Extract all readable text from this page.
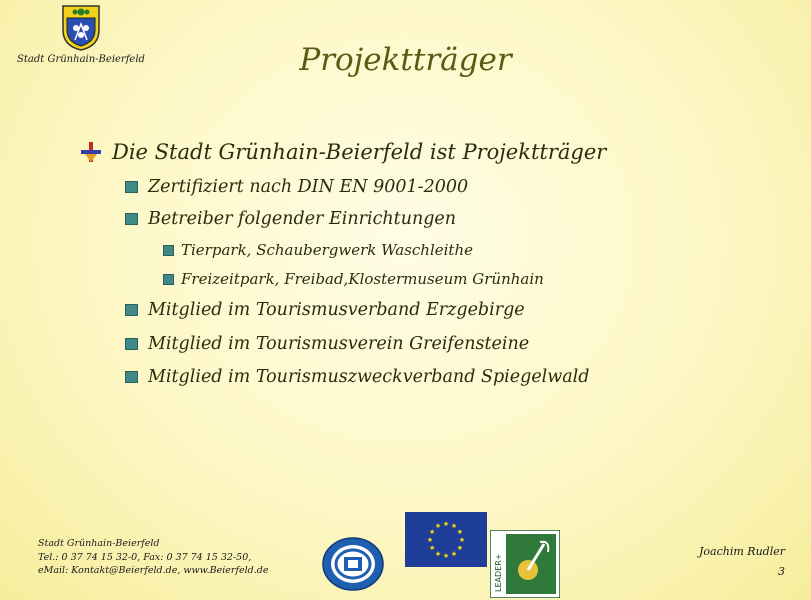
Stadt Grünhain-Beierfeld	Projektträger
Die Stadt Grünhain-Beierfeld ist Projektträger
Zertifiziert nach DIN EN 9001-2000
Betreiber folgender Einrichtungen
Tierpark, Schaubergwerk Waschleithe
Freizeitpark, Freibad,Klostermuseum Grünhain
Mitglied im Tourismusverband Erzgebirge
Mitglied im Tourismusverein Greifensteine
Mitglied im Tourismuszweckverband Spiegelwald
Stadt Grünhain-Beierfeld
Tel.: 0 37 74 15 32-0, Fax: 0 37 74 15 32-50,
eMail: Kontakt@Beierfeld.de, www.Beierfeld.de
★ ★
★
★
★
★
★
★
★
★
★
★
LEADER+
Joachim Rudler
3
